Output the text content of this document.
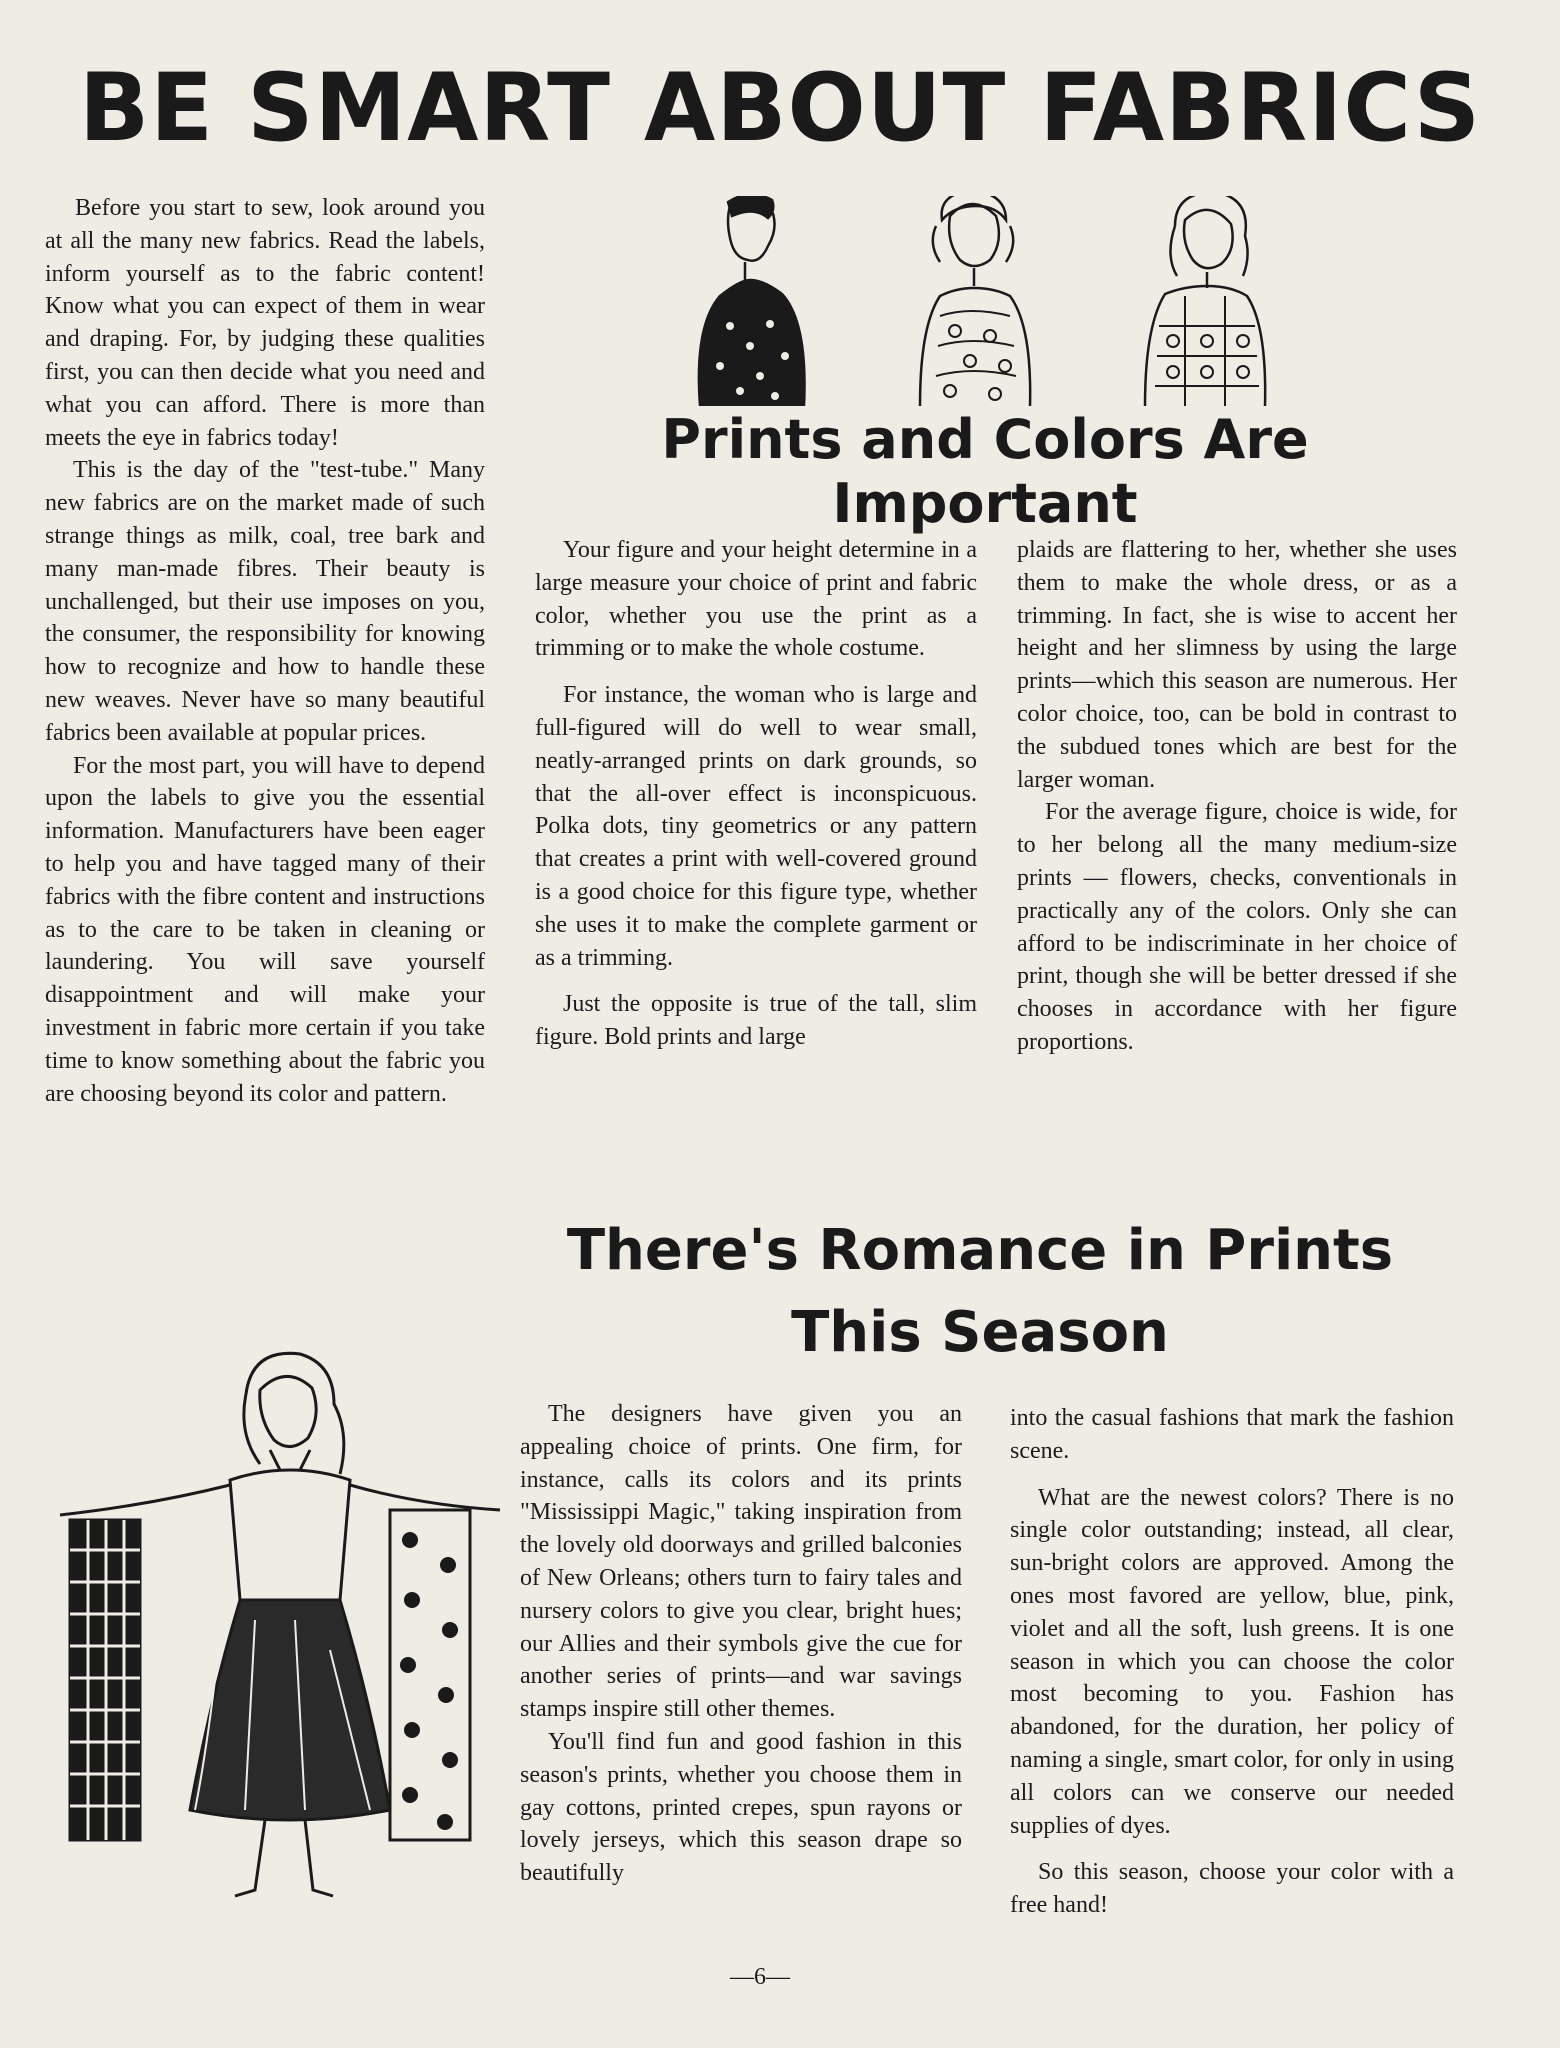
BE SMART ABOUT FABRICS

Before you start to sew, look around you at all the many new fabrics. Read the labels, inform yourself as to the fabric content! Know what you can expect of them in wear and draping. For, by judging these qualities first, you can then decide what you need and what you can afford. There is more than meets the eye in fabrics today!

This is the day of the "test-tube." Many new fabrics are on the market made of such strange things as milk, coal, tree bark and many man-made fibres. Their beauty is unchallenged, but their use imposes on you, the consumer, the responsibility for knowing how to recognize and how to handle these new weaves. Never have so many beautiful fabrics been available at popular prices.

For the most part, you will have to depend upon the labels to give you the essential information. Manufacturers have been eager to help you and have tagged many of their fabrics with the fibre content and instructions as to the care to be taken in cleaning or laundering. You will save yourself disappointment and will make your investment in fabric more certain if you take time to know something about the fabric you are choosing beyond its color and pattern.

Prints and Colors Are Important

Your figure and your height determine in a large measure your choice of print and fabric color, whether you use the print as a trimming or to make the whole costume.

For instance, the woman who is large and full-figured will do well to wear small, neatly-arranged prints on dark grounds, so that the all-over effect is inconspicuous. Polka dots, tiny geometrics or any pattern that creates a print with well-covered ground is a good choice for this figure type, whether she uses it to make the complete garment or as a trimming.

Just the opposite is true of the tall, slim figure. Bold prints and large

plaids are flattering to her, whether she uses them to make the whole dress, or as a trimming. In fact, she is wise to accent her height and her slimness by using the large prints—which this season are numerous. Her color choice, too, can be bold in contrast to the subdued tones which are best for the larger woman.

For the average figure, choice is wide, for to her belong all the many medium-size prints — flowers, checks, conventionals in practically any of the colors. Only she can afford to be indiscriminate in her choice of print, though she will be better dressed if she chooses in accordance with her figure proportions.

There's Romance in Prints
This Season

The designers have given you an appealing choice of prints. One firm, for instance, calls its colors and its prints "Mississippi Magic," taking inspiration from the lovely old doorways and grilled balconies of New Orleans; others turn to fairy tales and nursery colors to give you clear, bright hues; our Allies and their symbols give the cue for another series of prints—and war savings stamps inspire still other themes.

You'll find fun and good fashion in this season's prints, whether you choose them in gay cottons, printed crepes, spun rayons or lovely jerseys, which this season drape so beautifully

into the casual fashions that mark the fashion scene.

What are the newest colors? There is no single color outstanding; instead, all clear, sun-bright colors are approved. Among the ones most favored are yellow, blue, pink, violet and all the soft, lush greens. It is one season in which you can choose the color most becoming to you. Fashion has abandoned, for the duration, her policy of naming a single, smart color, for only in using all colors can we conserve our needed supplies of dyes.

So this season, choose your color with a free hand!

—6—
